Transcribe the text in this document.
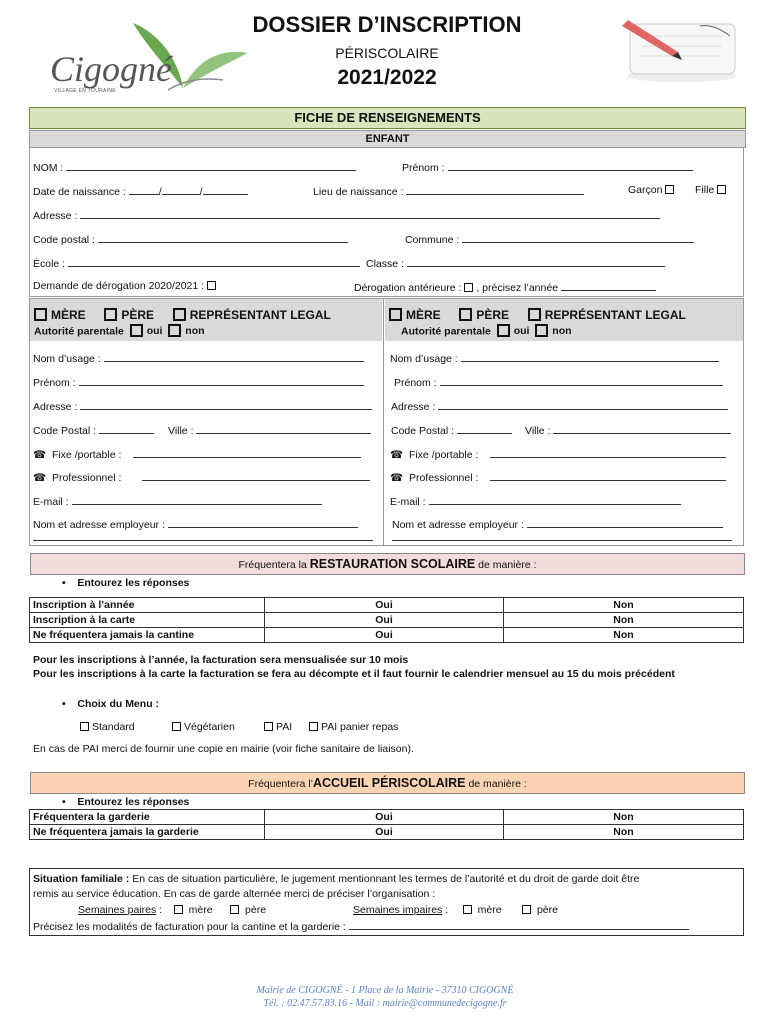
Cigogné
VILLAGE EN TOURAINE
DOSSIER D’INSCRIPTION
PÉRISCOLAIRE
2021/2022
FICHE DE RENSEIGNEMENTS
ENFANT
NOM :	Prénom :
Date de naissance :	/	/	Lieu de naissance :	Garçon	Fille
Adresse :
Code postal :	Commune :
École :	Classe :
Demande de dérogation 2020/2021 :	Dérogation antérieure : , précisez l’année
MÈRE	PÈRE	REPRÉSENTANT LEGAL
Autorité parentale oui non
Nom d’usage :
Prénom :
Adresse :
Code Postal :	Ville :
☎ Fixe /portable :
☎ Professionnel :
E-mail :
Nom et adresse employeur :
MÈRE	PÈRE	REPRÉSENTANT LEGAL
Autorité parentale oui non
Nom d’usage :
Prénom :
Adresse :
Code Postal :	Ville :
☎ Fixe /portable :
☎ Professionnel :
E-mail :
Nom et adresse employeur :
Fréquentera la RESTAURATION SCOLAIRE de manière :
• Entourez les réponses
Inscription à l’année	Oui	Non
Inscription à la carte	Oui	Non
Ne fréquentera jamais la cantine	Oui	Non
Pour les inscriptions à l’année, la facturation sera mensualisée sur 10 mois
Pour les inscriptions à la carte la facturation se fera au décompte et il faut fournir le calendrier mensuel au 15 du mois précédent
• Choix du Menu :
Standard	Végétarien	PAI	PAI panier repas
En cas de PAI merci de fournir une copie en mairie (voir fiche sanitaire de liaison).
Fréquentera l’ACCUEIL PÉRISCOLAIRE de manière :
• Entourez les réponses
Fréquentera la garderie	Oui	Non
Ne fréquentera jamais la garderie	Oui	Non
Situation familiale : En cas de situation particulière, le jugement mentionnant les termes de l’autorité et du droit de garde doit être
remis au service éducation. En cas de garde alternée merci de préciser l’organisation :
Semaines paires :	mère	père	Semaines impaires :	mère	père
Précisez les modalités de facturation pour la cantine et la garderie :
Mairie de CIGOGNÉ - 1 Place de la Mairie - 37310 CIGOGNÉ
Tél. : 02.47.57.83.16 - Mail : mairie@communedecigogne.fr
